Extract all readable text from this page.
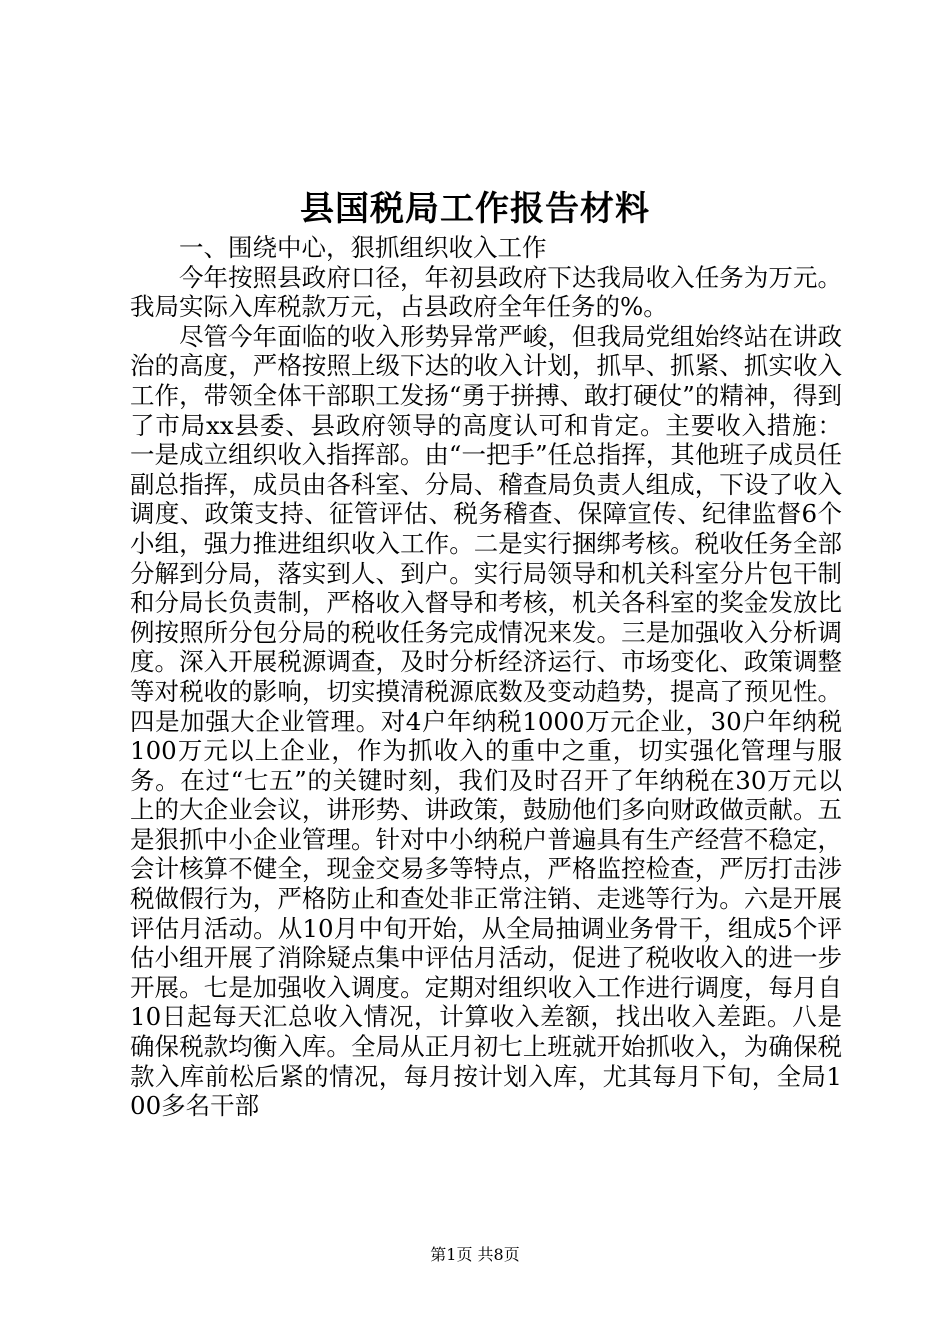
县国税局工作报告材料

一、围绕中心，狠抓组织收入工作

今年按照县政府口径，年初县政府下达我局收入任务为万元。我局实际入库税款万元，占县政府全年任务的%。

尽管今年面临的收入形势异常严峻，但我局党组始终站在讲政治的高度，严格按照上级下达的收入计划，抓早、抓紧、抓实收入工作，带领全体干部职工发扬“勇于拼搏、敢打硬仗”的精神，得到了市局xx县委、县政府领导的高度认可和肯定。主要收入措施：一是成立组织收入指挥部。由“一把手”任总指挥，其他班子成员任副总指挥，成员由各科室、分局、稽查局负责人组成，下设了收入调度、政策支持、征管评估、税务稽查、保障宣传、纪律监督6个小组，强力推进组织收入工作。二是实行捆绑考核。税收任务全部分解到分局，落实到人、到户。实行局领导和机关科室分片包干制和分局长负责制，严格收入督导和考核，机关各科室的奖金发放比例按照所分包分局的税收任务完成情况来发。三是加强收入分析调度。深入开展税源调查，及时分析经济运行、市场变化、政策调整等对税收的影响，切实摸清税源底数及变动趋势，提高了预见性。四是加强大企业管理。对4户年纳税1000万元企业，30户年纳税100万元以上企业，作为抓收入的重中之重，切实强化管理与服务。在过“七五”的关键时刻，我们及时召开了年纳税在30万元以上的大企业会议，讲形势、讲政策，鼓励他们多向财政做贡献。五是狠抓中小企业管理。针对中小纳税户普遍具有生产经营不稳定，会计核算不健全，现金交易多等特点，严格监控检查，严厉打击涉税做假行为，严格防止和查处非正常注销、走逃等行为。六是开展评估月活动。从10月中旬开始，从全局抽调业务骨干，组成5个评估小组开展了消除疑点集中评估月活动，促进了税收收入的进一步开展。七是加强收入调度。定期对组织收入工作进行调度，每月自10日起每天汇总收入情况，计算收入差额，找出收入差距。八是确保税款均衡入库。全局从正月初七上班就开始抓收入，为确保税款入库前松后紧的情况，每月按计划入库，尤其每月下旬，全局100多名干部

第1页 共8页
